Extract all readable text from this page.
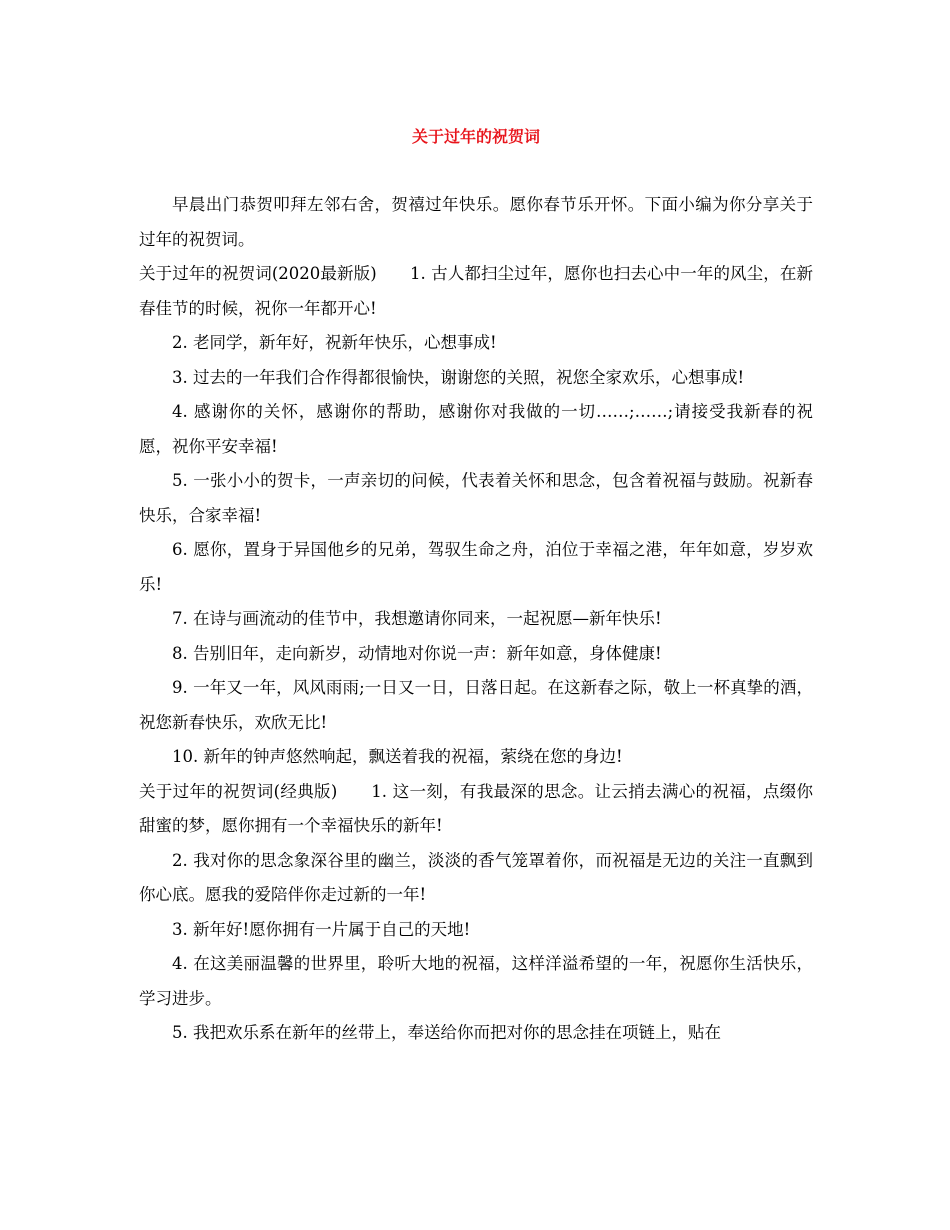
关于过年的祝贺词

早晨出门恭贺叩拜左邻右舍，贺禧过年快乐。愿你春节乐开怀。下面小编为你分享关于过年的祝贺词。

关于过年的祝贺词(2020最新版)　　1. 古人都扫尘过年，愿你也扫去心中一年的风尘，在新春佳节的时候，祝你一年都开心!

2. 老同学，新年好，祝新年快乐，心想事成!

3. 过去的一年我们合作得都很愉快，谢谢您的关照，祝您全家欢乐，心想事成!

4. 感谢你的关怀，感谢你的帮助，感谢你对我做的一切……;……;请接受我新春的祝愿，祝你平安幸福!

5. 一张小小的贺卡，一声亲切的问候，代表着关怀和思念，包含着祝福与鼓励。祝新春快乐，合家幸福!

6. 愿你，置身于异国他乡的兄弟，驾驭生命之舟，泊位于幸福之港，年年如意，岁岁欢乐!

7. 在诗与画流动的佳节中，我想邀请你同来，一起祝愿—新年快乐!

8. 告别旧年，走向新岁，动情地对你说一声：新年如意，身体健康!

9. 一年又一年，风风雨雨;一日又一日，日落日起。在这新春之际，敬上一杯真挚的酒，祝您新春快乐，欢欣无比!

10. 新年的钟声悠然响起，飘送着我的祝福，萦绕在您的身边!

关于过年的祝贺词(经典版)　　1. 这一刻，有我最深的思念。让云捎去满心的祝福，点缀你甜蜜的梦，愿你拥有一个幸福快乐的新年!

2. 我对你的思念象深谷里的幽兰，淡淡的香气笼罩着你，而祝福是无边的关注一直飘到你心底。愿我的爱陪伴你走过新的一年!

3. 新年好!愿你拥有一片属于自己的天地!

4. 在这美丽温馨的世界里，聆听大地的祝福，这样洋溢希望的一年，祝愿你生活快乐，学习进步。

5. 我把欢乐系在新年的丝带上，奉送给你而把对你的思念挂在项链上，贴在
